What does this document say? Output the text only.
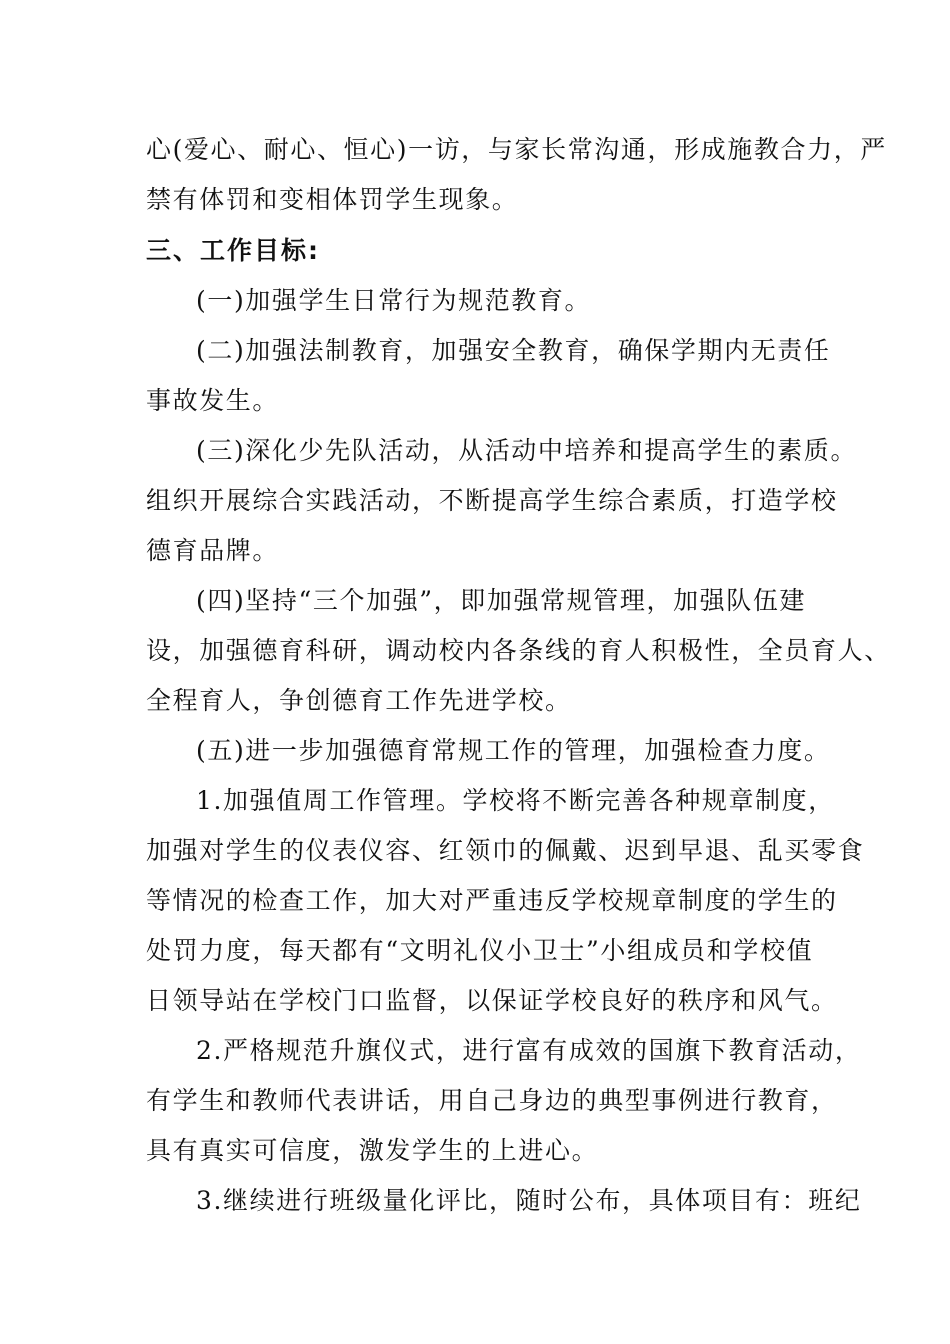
心(爱心、耐心、恒心)一访，与家长常沟通，形成施教合力，严
禁有体罚和变相体罚学生现象。
三、工作目标:
(一)加强学生日常行为规范教育。
(二)加强法制教育，加强安全教育，确保学期内无责任
事故发生。
(三)深化少先队活动，从活动中培养和提高学生的素质。
组织开展综合实践活动，不断提高学生综合素质，打造学校
德育品牌。
(四)坚持“三个加强”，即加强常规管理，加强队伍建
设，加强德育科研，调动校内各条线的育人积极性，全员育人、
全程育人，争创德育工作先进学校。
(五)进一步加强德育常规工作的管理，加强检查力度。
1.加强值周工作管理。学校将不断完善各种规章制度，
加强对学生的仪表仪容、红领巾的佩戴、迟到早退、乱买零食
等情况的检查工作，加大对严重违反学校规章制度的学生的
处罚力度，每天都有“文明礼仪小卫士”小组成员和学校值
日领导站在学校门口监督，以保证学校良好的秩序和风气。
2.严格规范升旗仪式，进行富有成效的国旗下教育活动，
有学生和教师代表讲话，用自己身边的典型事例进行教育，
具有真实可信度，激发学生的上进心。
3.继续进行班级量化评比，随时公布，具体项目有：班纪
